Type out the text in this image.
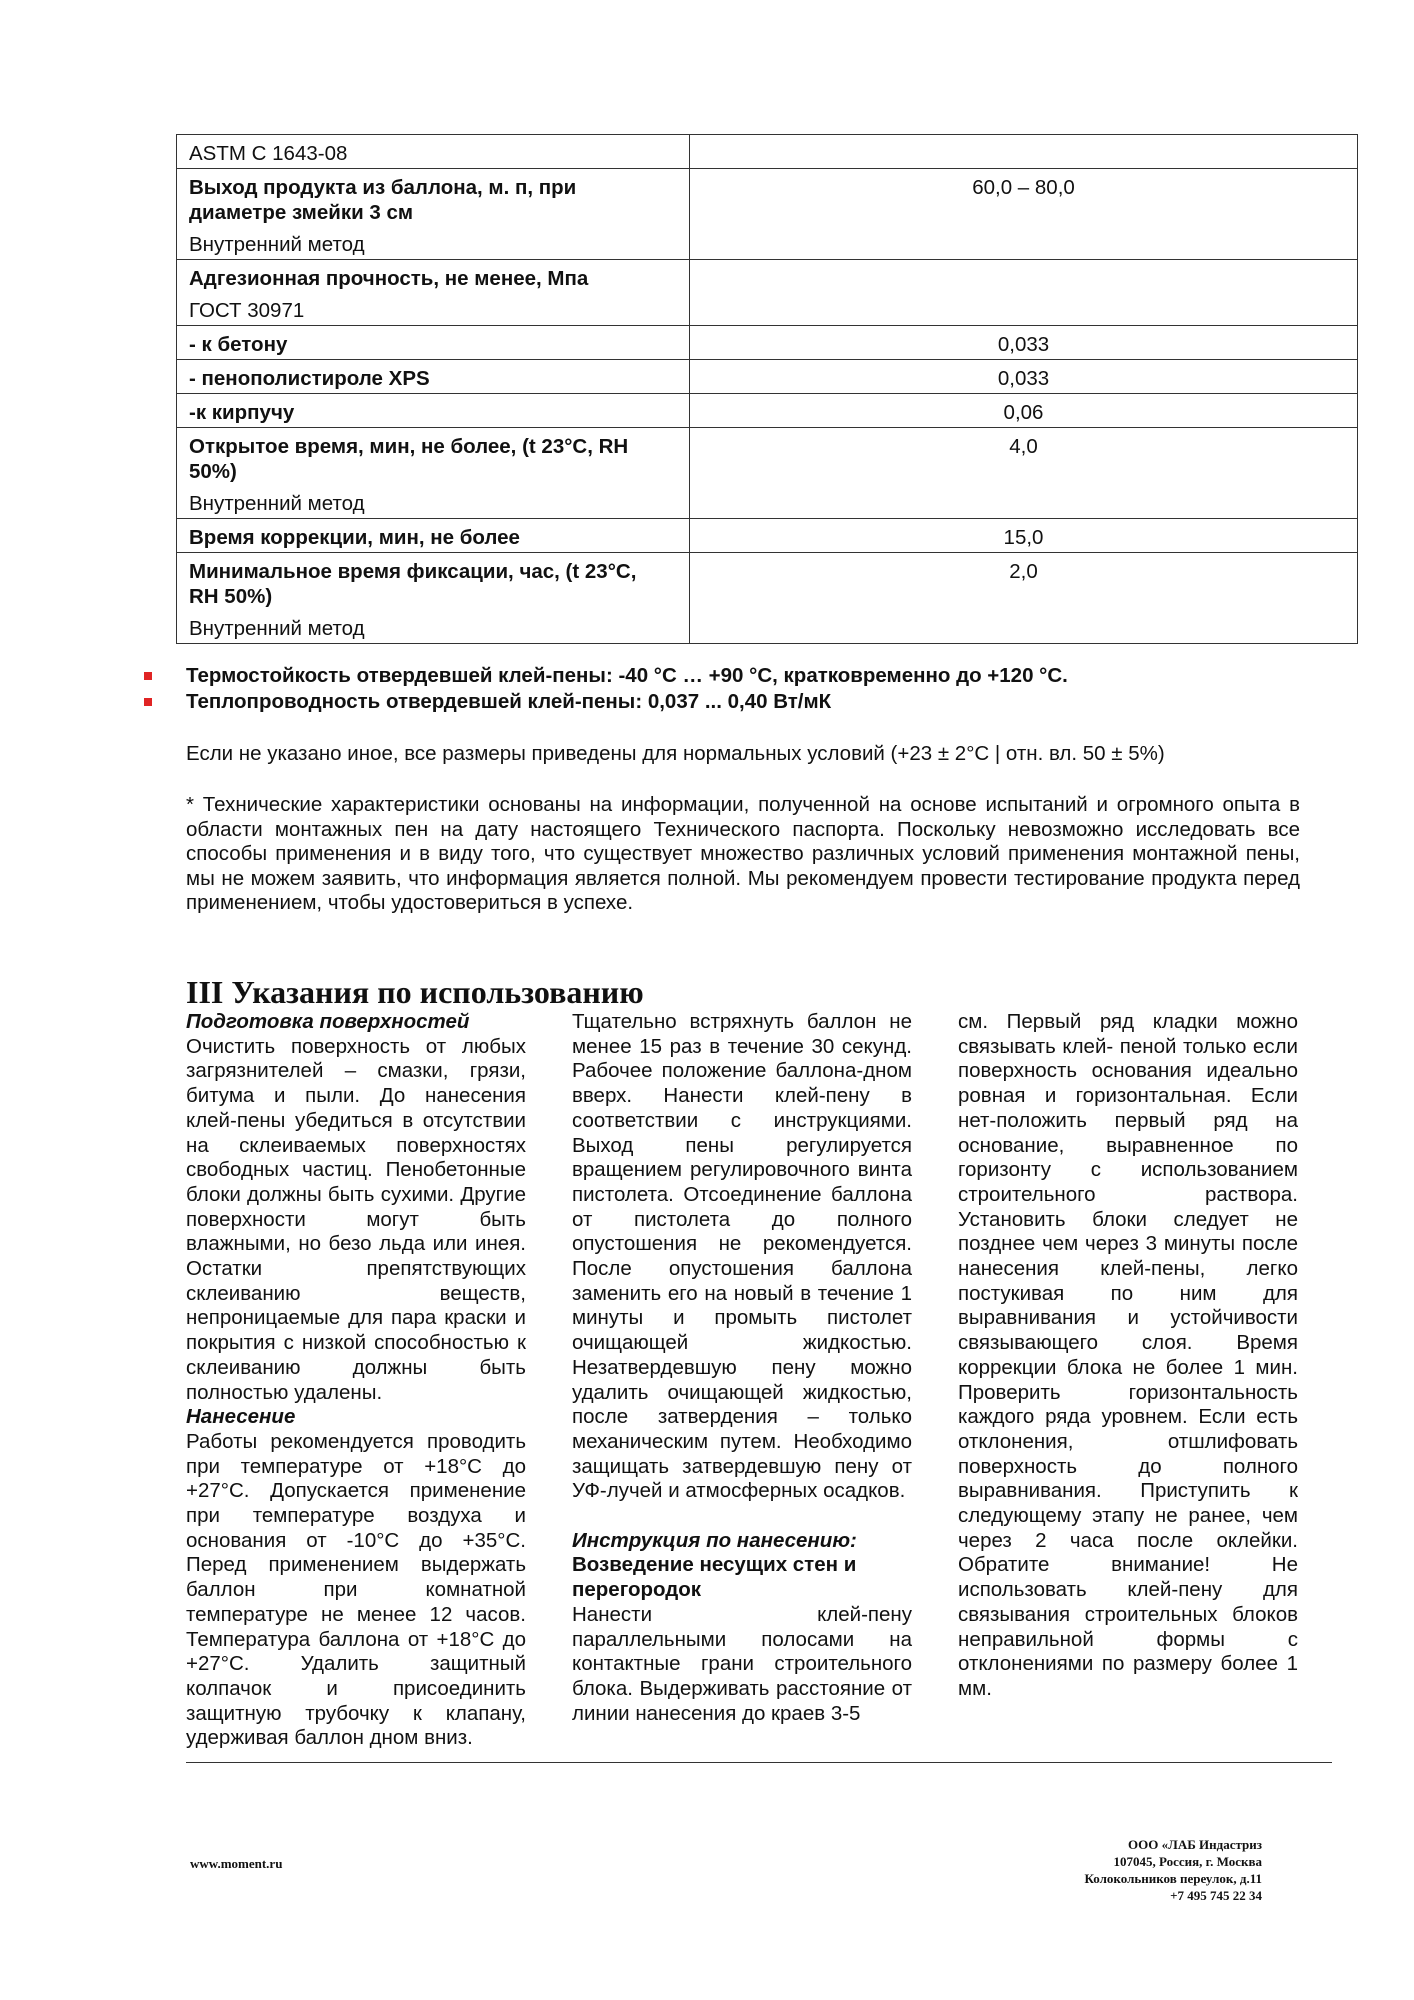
ASTM C 1643-08	

Выход продукта из баллона, м. п, при
диаметре змейки 3 см
Внутренний метод	60,0 – 80,0

Адгезионная прочность, не менее, Мпа
ГОСТ 30971	

- к бетону	0,033

- пенополистироле XPS	0,033

-к кирпучу	0,06

Открытое время, мин, не более, (t 23°C, RH
50%)
Внутренний метод	4,0

Время коррекции, мин, не более	15,0

Минимальное время фиксации, час, (t 23°C,
RH 50%)
Внутренний метод	2,0
Термостойкость отвердевшей клей-пены: -40 °C … +90 °C, кратковременно до +120 °C.
Теплопроводность отвердевшей клей-пены: 0,037 ... 0,40 Вт/мК
Если не указано иное, все размеры приведены для нормальных условий (+23 ± 2°C | отн. вл. 50 ± 5%)

* Технические характеристики основаны на информации, полученной на основе испытаний и огромного опыта в области монтажных пен на дату настоящего Технического паспорта. Поскольку невозможно исследовать все способы применения и в виду того, что существует множество различных условий применения монтажной пены, мы не можем заявить, что информация является полной. Мы рекомендуем провести тестирование продукта перед применением, чтобы удостовериться в успехе.

III Указания по использованию

Подготовка поверхностей

Очистить поверхность от любых загрязнителей – смазки, грязи, битума и пыли. До нанесения клей-пены убедиться в отсутствии на склеиваемых поверхностях свободных частиц. Пенобетонные блоки должны быть сухими. Другие поверхности могут быть влажными, но безо льда или инея. Остатки препятствующих склеиванию веществ, непроницаемые для пара краски и покрытия с низкой способностью к склеиванию должны быть полностью удалены.

Нанесение

Работы рекомендуется проводить при температуре от +18°C до +27°C. Допускается применение при температуре воздуха и основания от -10°C до +35°C. Перед применением выдержать баллон при комнатной температуре не менее 12 часов. Температура баллона от +18°C до +27°C. Удалить защитный колпачок и присоединить защитную трубочку к клапану, удерживая баллон дном вниз.

Тщательно встряхнуть баллон не менее 15 раз в течение 30 секунд. Рабочее положение баллона-дном вверх. Нанести клей-пену в соответствии с инструкциями. Выход пены регулируется вращением регулировочного винта пистолета. Отсоединение баллона от пистолета до полного опустошения не рекомендуется. После опустошения баллона заменить его на новый в течение 1 минуты и промыть пистолет очищающей жидкостью. Незатвердевшую пену можно удалить очищающей жидкостью, после затвердения – только механическим путем. Необходимо защищать затвердевшую пену от УФ-лучей и атмосферных осадков.

Инструкция по нанесению:

Возведение несущих стен и перегородок

Нанести клей-пену параллельными полосами на контактные грани строительного блока. Выдерживать расстояние от линии нанесения до краев 3-5

см. Первый ряд кладки можно связывать клей- пеной только если поверхность основания идеально ровная и горизонтальная. Если нет-положить первый ряд на основание, выравненное по горизонту с использованием строительного раствора. Установить блоки следует не позднее чем через 3 минуты после нанесения клей-пены, легко постукивая по ним для выравнивания и устойчивости связывающего слоя. Время коррекции блока не более 1 мин. Проверить горизонтальность каждого ряда уровнем. Если есть отклонения, отшлифовать поверхность до полного выравнивания. Приступить к следующему этапу не ранее, чем через 2 часа после оклейки. Обратите внимание! Не использовать клей-пену для связывания строительных блоков неправильной формы с отклонениями по размеру более 1 мм.

www.moment.ru
ООО «ЛАБ Индастриз
107045, Россия, г. Москва
Колокольников переулок, д.11
+7 495 745 22 34
